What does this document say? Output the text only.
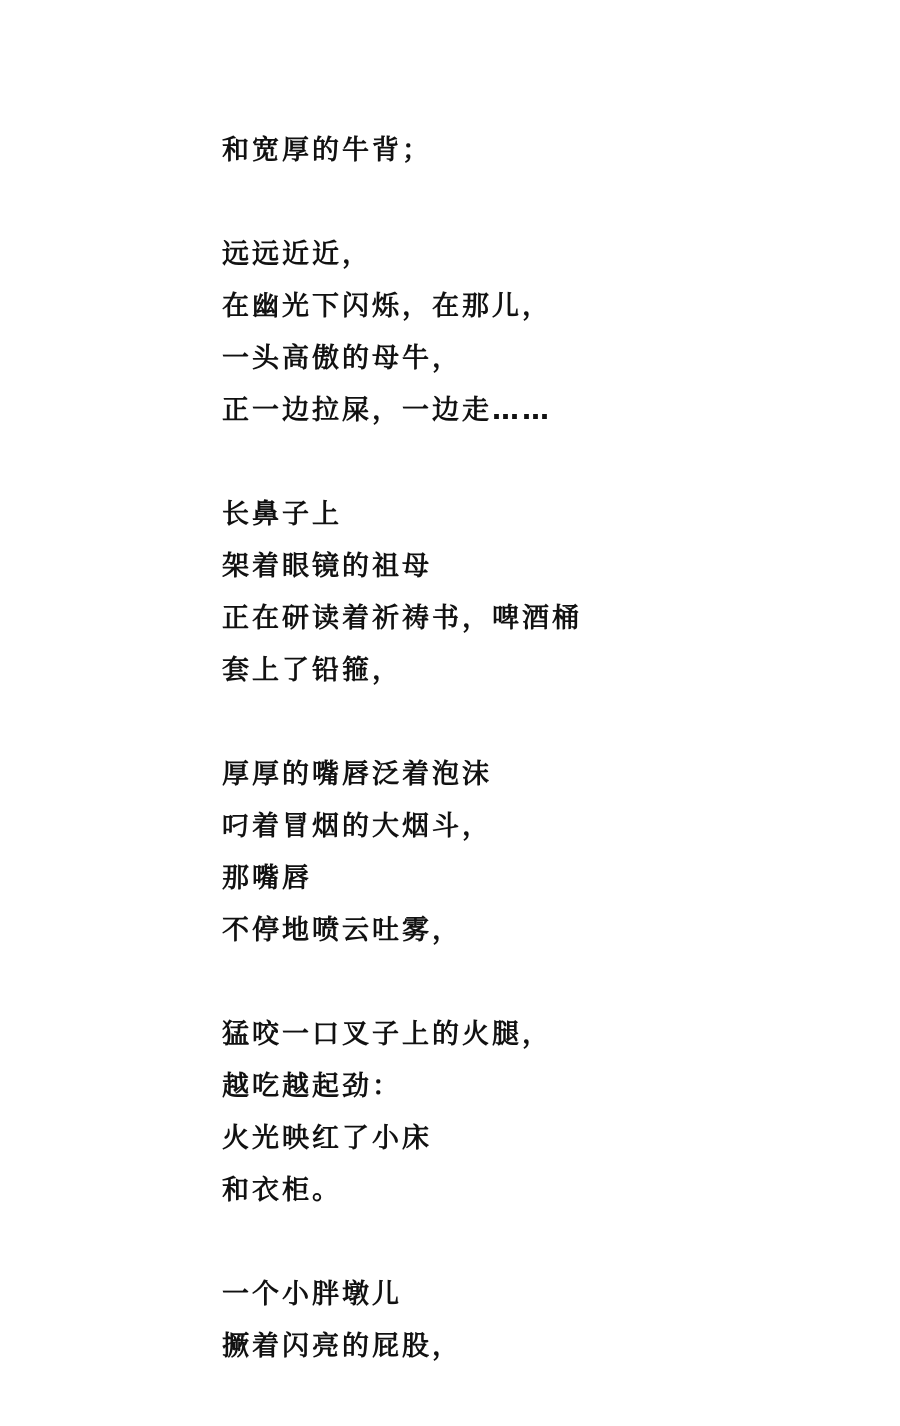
和宽厚的牛背；
远远近近，
在幽光下闪烁，在那儿，
一头高傲的母牛，
正一边拉屎，一边走……
长鼻子上
架着眼镜的祖母
正在研读着祈祷书，啤酒桶
套上了铅箍，
厚厚的嘴唇泛着泡沫
叼着冒烟的大烟斗，
那嘴唇
不停地喷云吐雾，
猛咬一口叉子上的火腿，
越吃越起劲：
火光映红了小床
和衣柜。
一个小胖墩儿
撅着闪亮的屁股，
